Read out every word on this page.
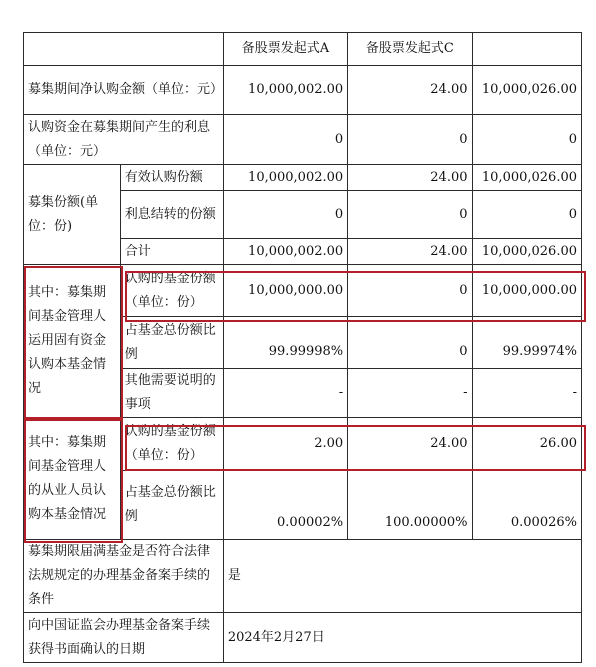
		备股票发起式A	备股票发起式C	
募集期间净认购金额（单位：元）		10,000,002.00	24.00	10,000,026.00
认购资金在募集期间产生的利息（单位：元）		0	0	0
募集份额(单位：份)	有效认购份额	10,000,002.00	24.00	10,000,026.00
	利息结转的份额	0	0	0
	合计	10,000,002.00	24.00	10,000,026.00
其中：募集期间基金管理人运用固有资金认购本基金情况	认购的基金份额（单位：份）	10,000,000.00	0	10,000,000.00
	占基金总份额比例	99.99998%	0	99.99974%
	其他需要说明的事项	-	-	-
其中：募集期间基金管理人的从业人员认购本基金情况	认购的基金份额（单位：份）	2.00	24.00	26.00
	占基金总份额比例	0.00002%	100.00000%	0.00026%
募集期限届满基金是否符合法律法规规定的办理基金备案手续的条件		是		
向中国证监会办理基金备案手续获得书面确认的日期		2024年2月27日		
